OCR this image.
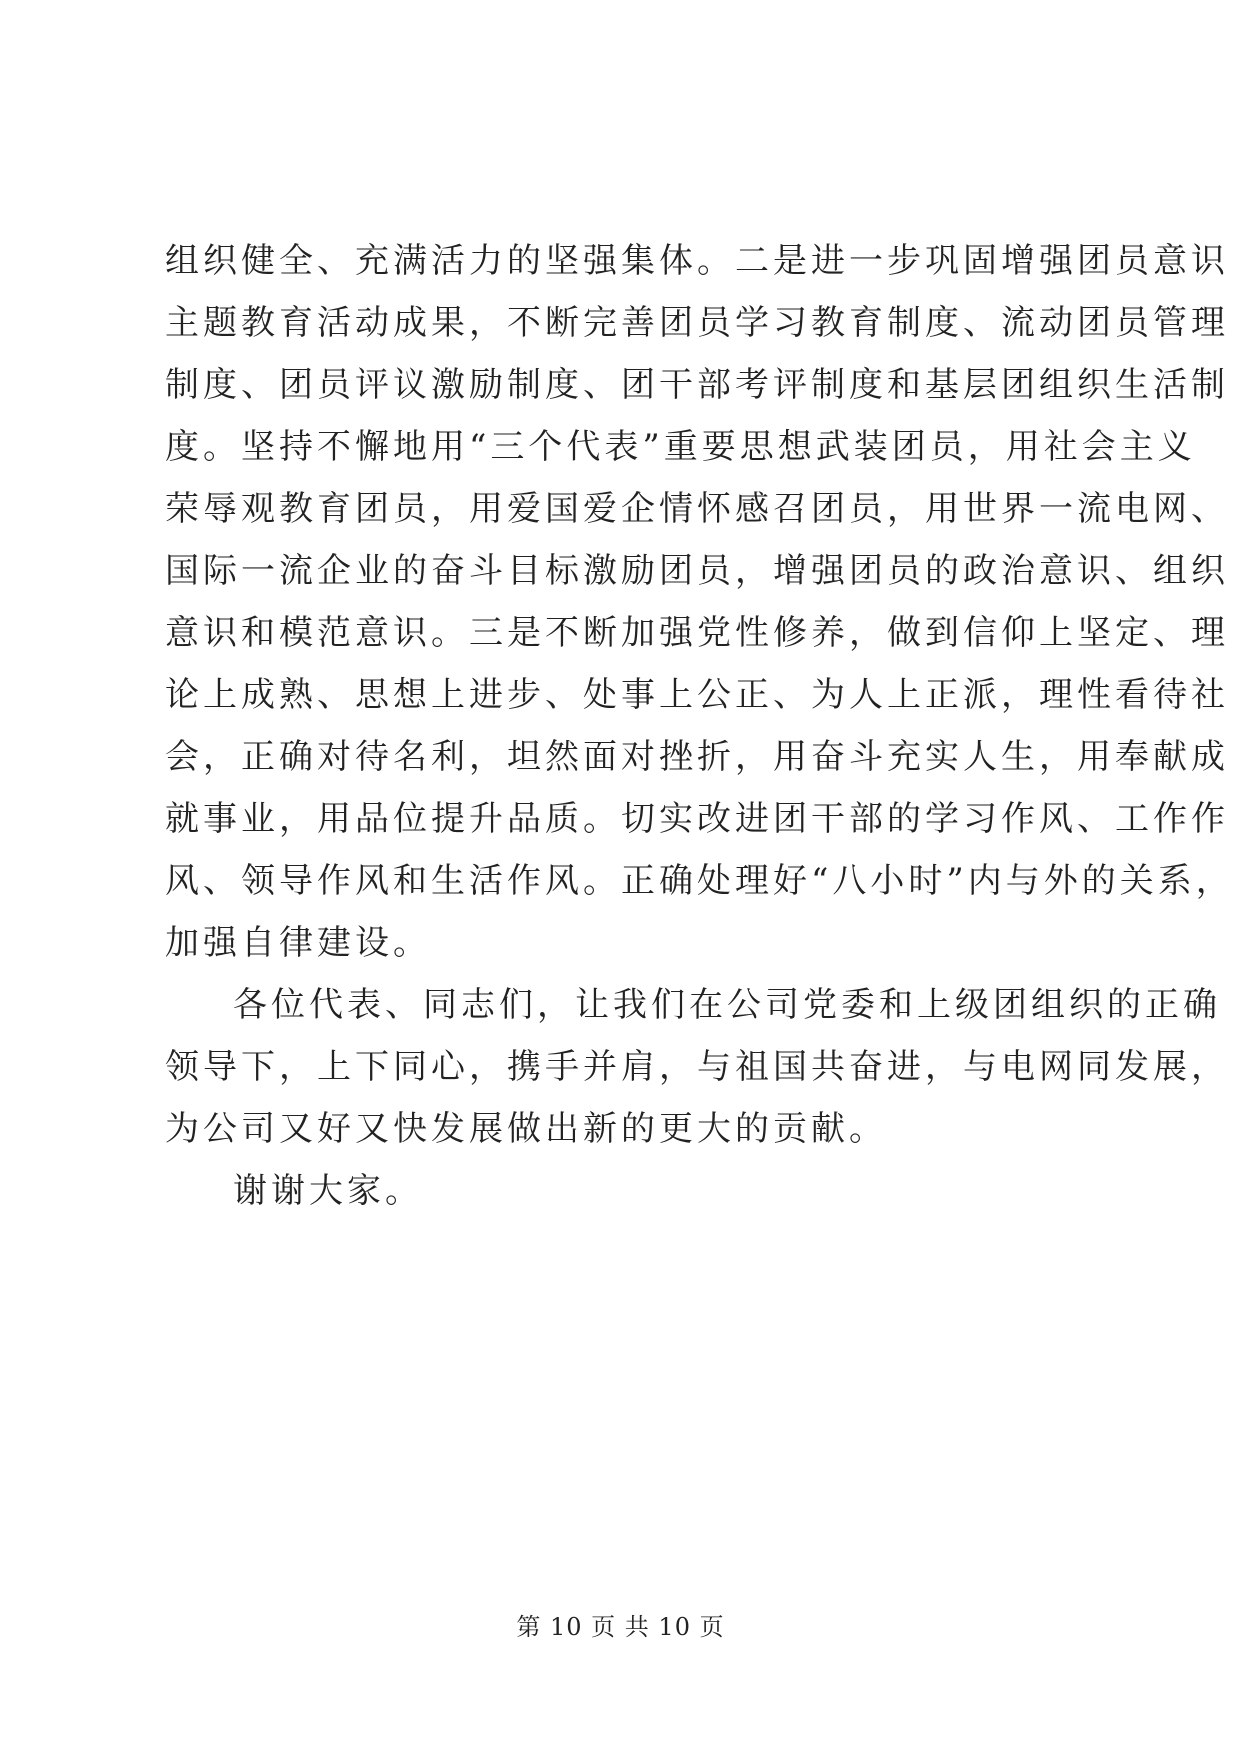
组织健全、充满活力的坚强集体。二是进一步巩固增强团员意识
主题教育活动成果，不断完善团员学习教育制度、流动团员管理
制度、团员评议激励制度、团干部考评制度和基层团组织生活制
度。坚持不懈地用“三个代表”重要思想武装团员，用社会主义
荣辱观教育团员，用爱国爱企情怀感召团员，用世界一流电网、
国际一流企业的奋斗目标激励团员，增强团员的政治意识、组织
意识和模范意识。三是不断加强党性修养，做到信仰上坚定、理
论上成熟、思想上进步、处事上公正、为人上正派，理性看待社
会，正确对待名利，坦然面对挫折，用奋斗充实人生，用奉献成
就事业，用品位提升品质。切实改进团干部的学习作风、工作作
风、领导作风和生活作风。正确处理好“八小时”内与外的关系，
加强自律建设。
各位代表、同志们，让我们在公司党委和上级团组织的正确
领导下，上下同心，携手并肩，与祖国共奋进，与电网同发展，
为公司又好又快发展做出新的更大的贡献。
谢谢大家。
第 10 页 共 10 页
